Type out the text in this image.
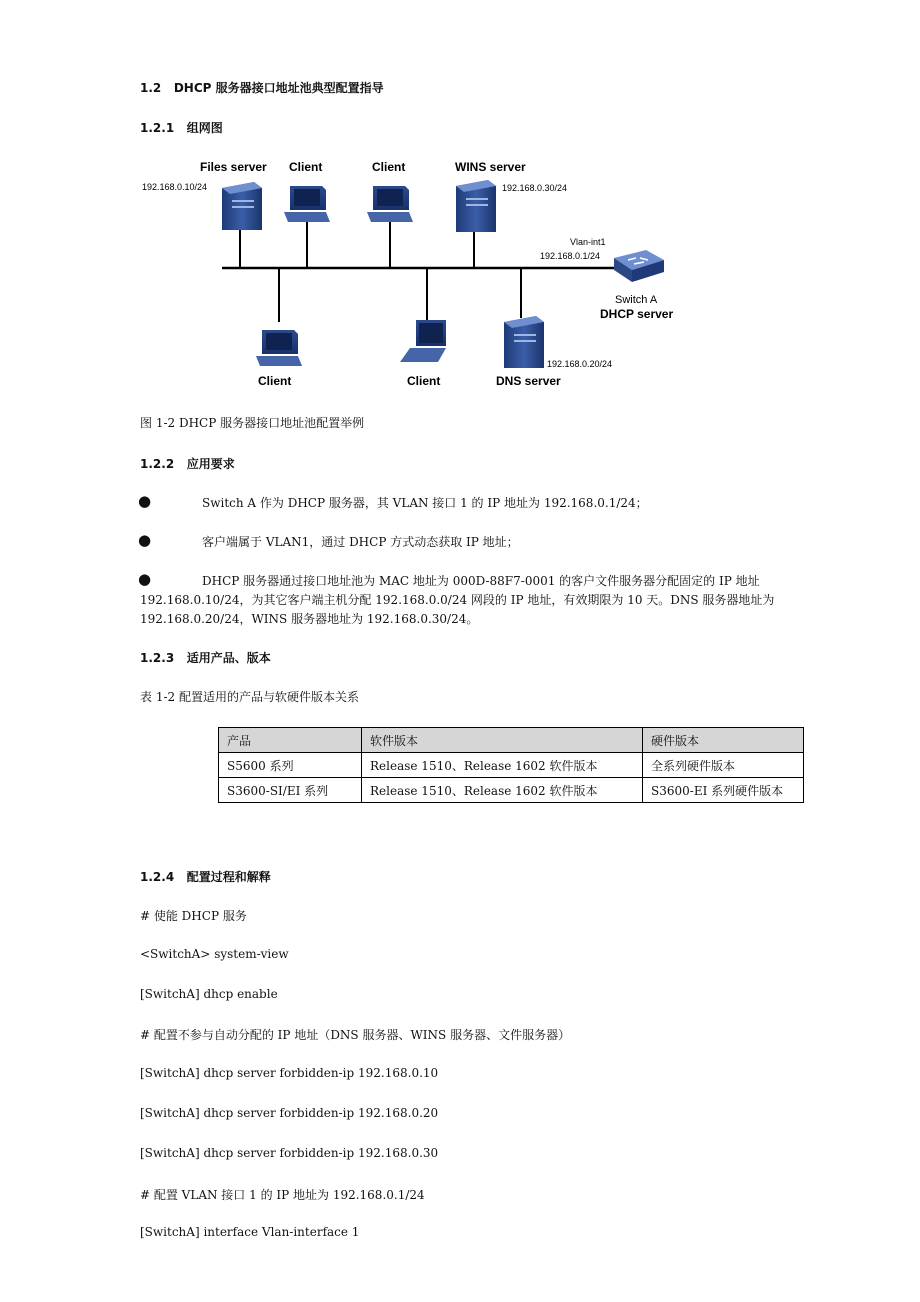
1.2 DHCP 服务器接口地址池典型配置指导
1.2.1 组网图
Files server
192.168.0.10/24
Client	Client	WINS server
192.168.0.30/24
Vlan-int1
192.168.0.1/24
Switch A
DHCP server
Client	Client	DNS server
192.168.0.20/24
图 1-2 DHCP 服务器接口地址池配置举例
1.2.2 应用要求
●	Switch A 作为 DHCP 服务器，其 VLAN 接口 1 的 IP 地址为 192.168.0.1/24；
●	客户端属于 VLAN1，通过 DHCP 方式动态获取 IP 地址；
●	DHCP 服务器通过接口地址池为 MAC 地址为 000D-88F7-0001 的客户文件服务器分配固定的 IP 地址 192.168.0.10/24，为其它客户端主机分配 192.168.0.0/24 网段的 IP 地址，有效期限为 10 天。DNS 服务器地址为 192.168.0.20/24，WINS 服务器地址为 192.168.0.30/24。
1.2.3 适用产品、版本
表 1-2 配置适用的产品与软硬件版本关系
产品	软件版本	硬件版本
S5600 系列	Release 1510、Release 1602 软件版本	全系列硬件版本
S3600-SI/EI 系列	Release 1510、Release 1602 软件版本	S3600-EI 系列硬件版本
1.2.4 配置过程和解释
# 使能 DHCP 服务
<SwitchA> system-view
[SwitchA] dhcp enable
# 配置不参与自动分配的 IP 地址（DNS 服务器、WINS 服务器、文件服务器）
[SwitchA] dhcp server forbidden-ip 192.168.0.10
[SwitchA] dhcp server forbidden-ip 192.168.0.20
[SwitchA] dhcp server forbidden-ip 192.168.0.30
# 配置 VLAN 接口 1 的 IP 地址为 192.168.0.1/24
[SwitchA] interface Vlan-interface 1
